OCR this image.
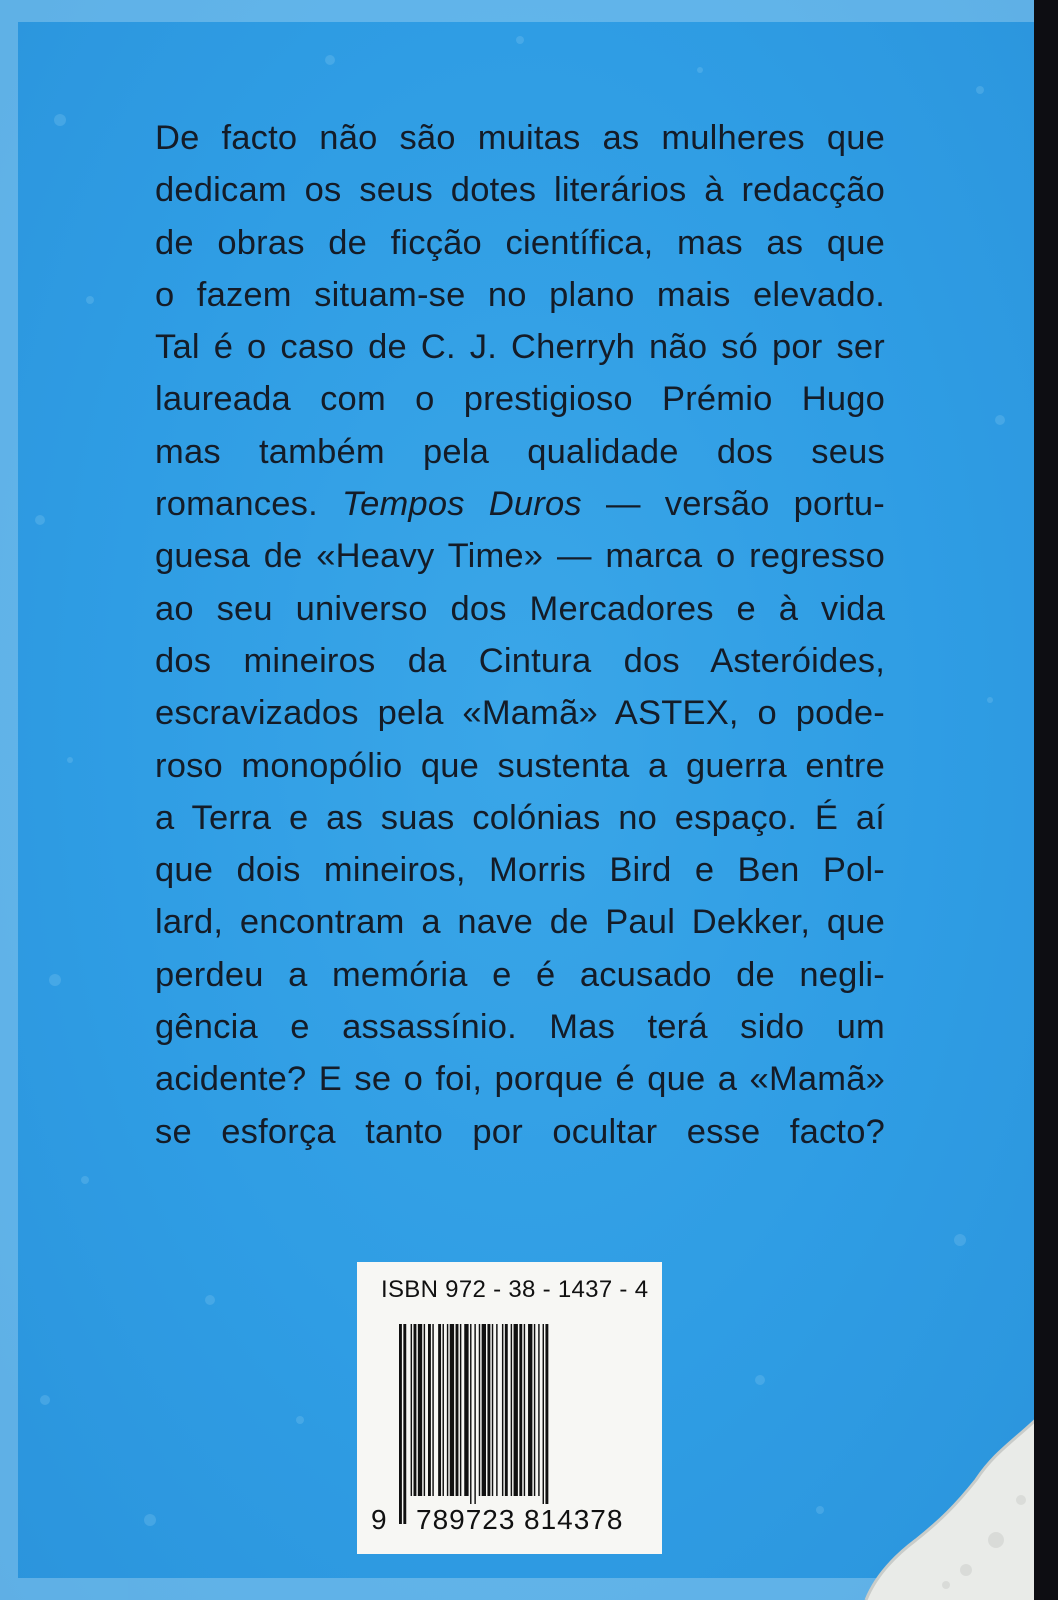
De facto não são muitas as mulheres que
dedicam os seus dotes literários à redacção
de obras de ficção científica, mas as que
o fazem situam-se no plano mais elevado.
Tal é o caso de C. J. Cherryh não só por ser
laureada com o prestigioso Prémio Hugo
mas também pela qualidade dos seus
romances. Tempos Duros — versão portu-
guesa de «Heavy Time» — marca o regresso
ao seu universo dos Mercadores e à vida
dos mineiros da Cintura dos Asteróides,
escravizados pela «Mamã» ASTEX, o pode-
roso monopólio que sustenta a guerra entre
a Terra e as suas colónias no espaço. É aí
que dois mineiros, Morris Bird e Ben Pol-
lard, encontram a nave de Paul Dekker, que
perdeu a memória e é acusado de negli-
gência e assassínio. Mas terá sido um
acidente? E se o foi, porque é que a «Mamã»
se esforça tanto por ocultar esse facto?
ISBN 972 - 38 - 1437 - 4
9 789723 814378
